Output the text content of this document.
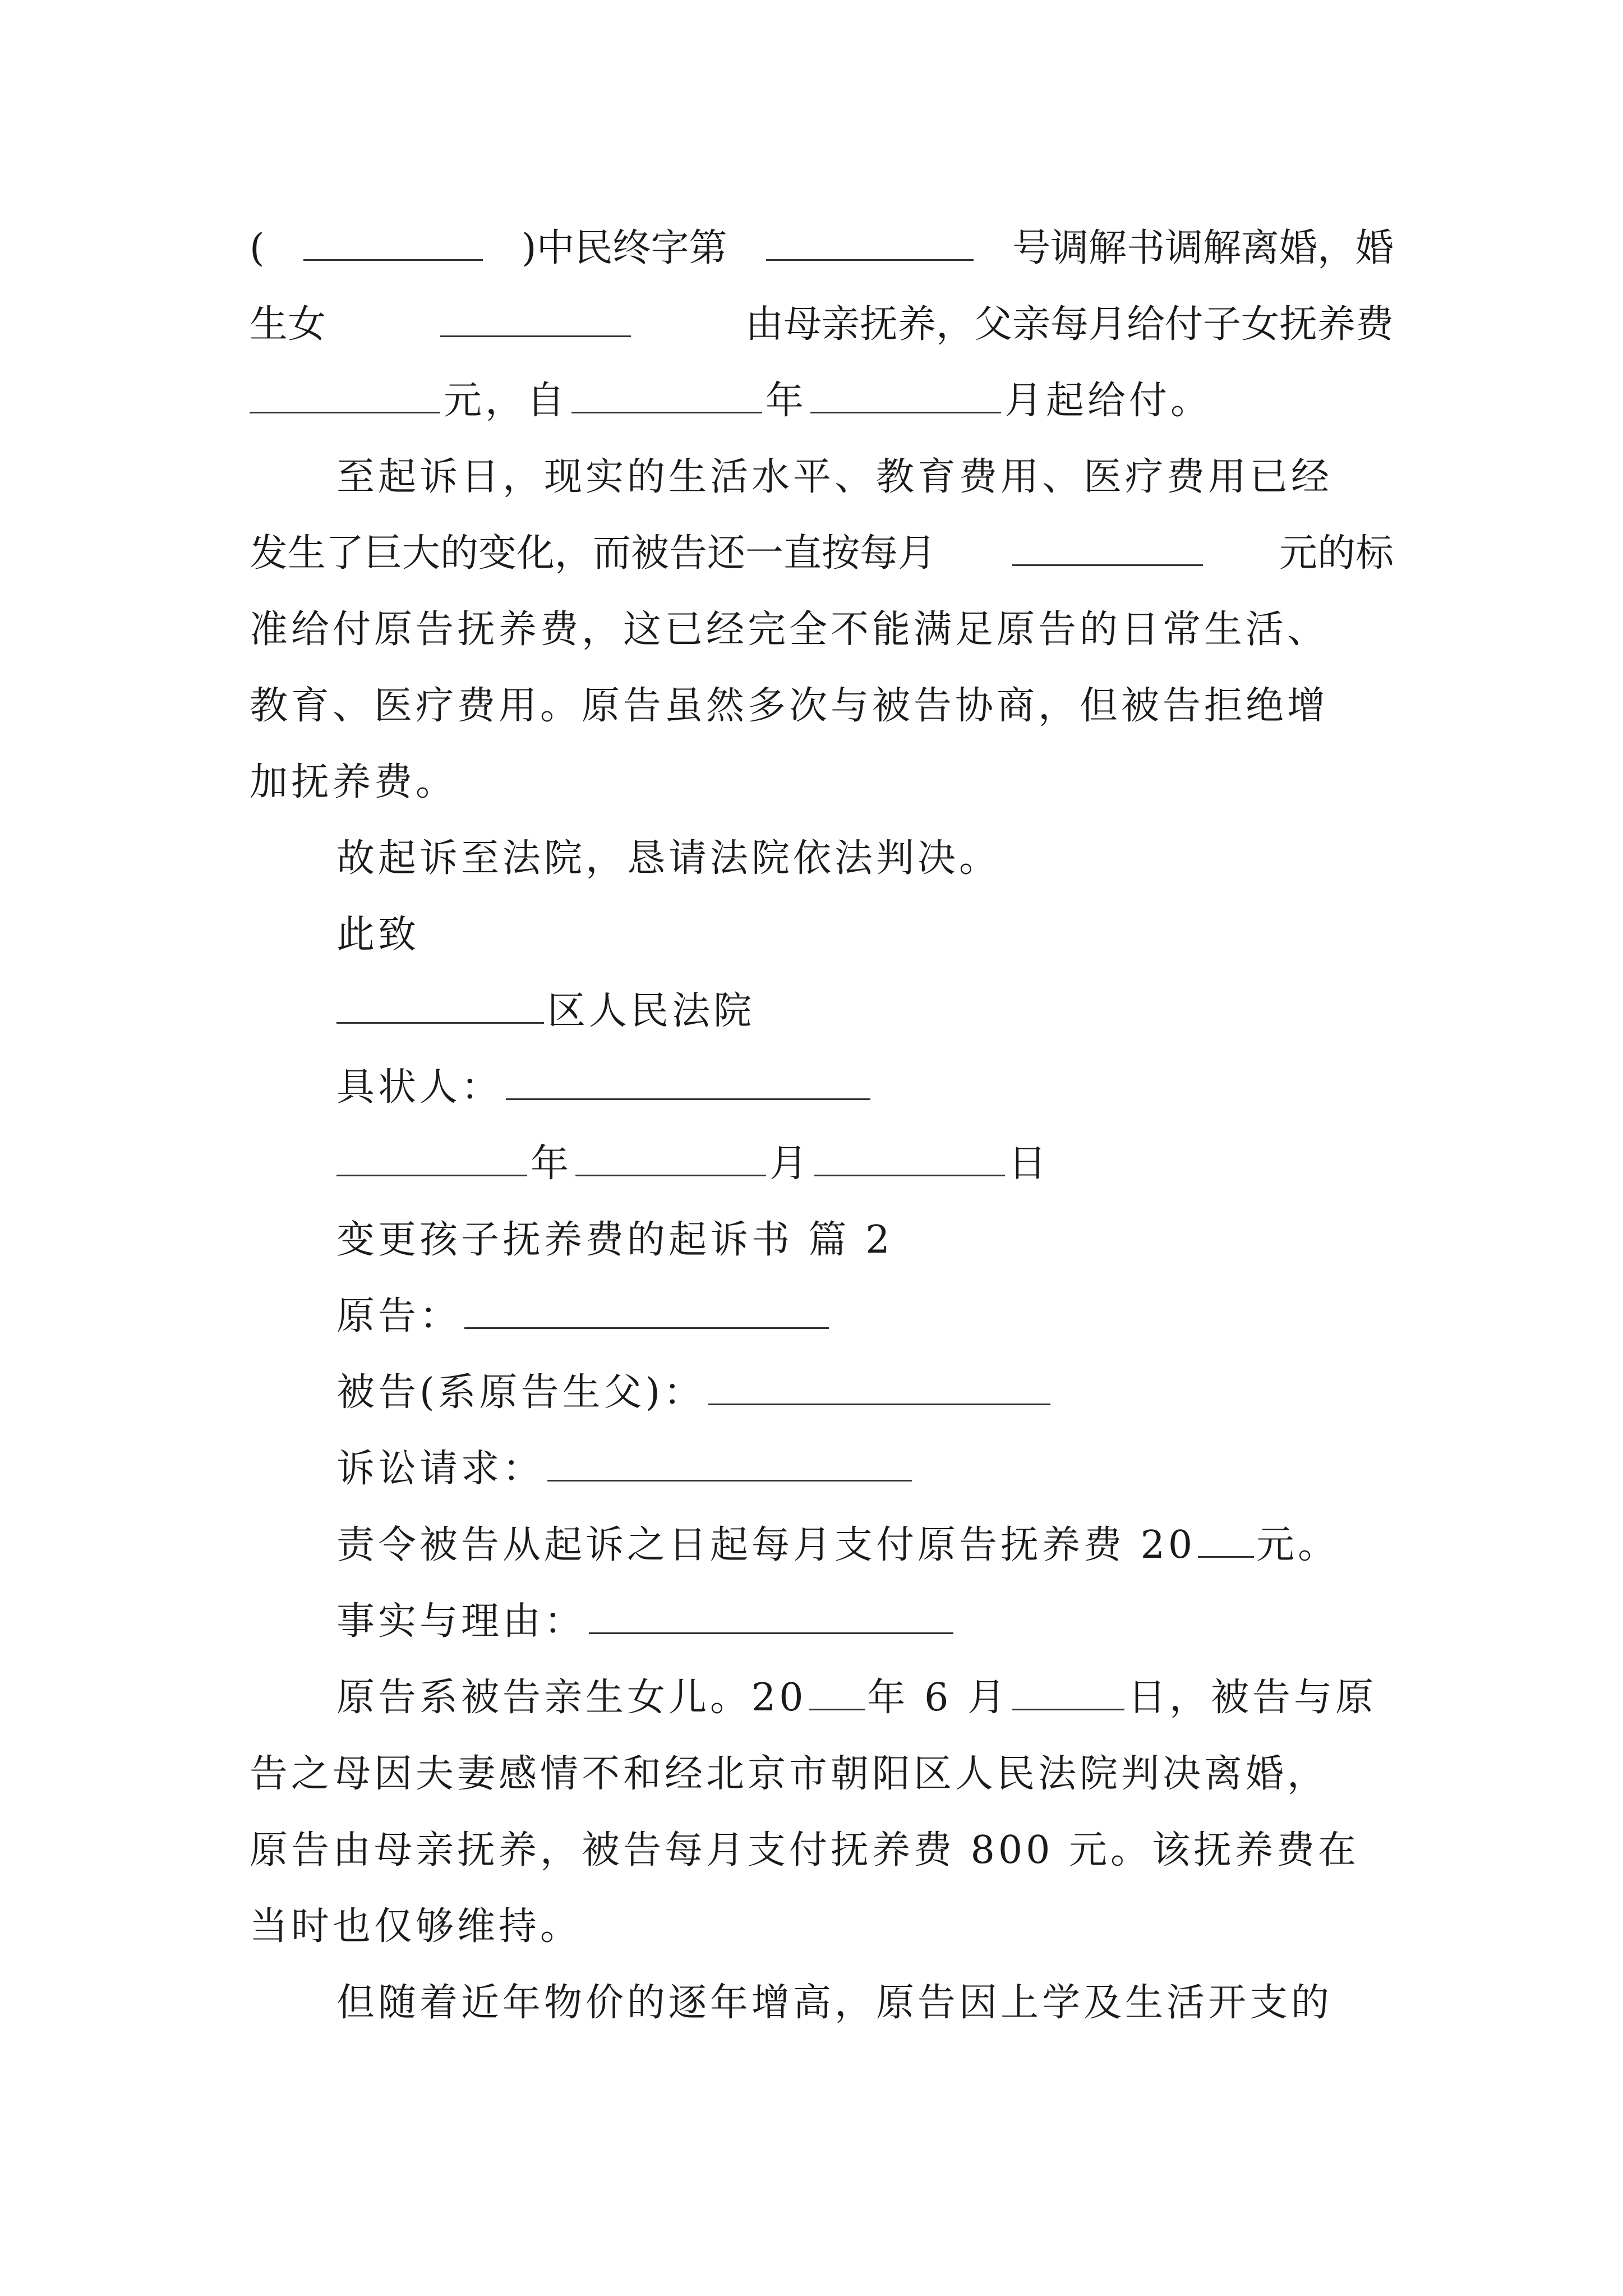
(	)中民终字第	号调解书调解离婚，婚
生女	由母亲抚养，父亲每月给付子女抚养费
元，自	年	月起给付。
至起诉日，现实的生活水平、教育费用、医疗费用已经
发生了巨大的变化，而被告还一直按每月	元的标
准给付原告抚养费，这已经完全不能满足原告的日常生活、
教育、医疗费用。原告虽然多次与被告协商，但被告拒绝增
加抚养费。
故起诉至法院，恳请法院依法判决。
此致
区人民法院
具状人：
年	月	日
变更孩子抚养费的起诉书 篇 2
原告：
被告(系原告生父)：
诉讼请求：
责令被告从起诉之日起每月支付原告抚养费 20 元。
事实与理由：
原告系被告亲生女儿。20 年 6 月	日，被告与原
告之母因夫妻感情不和经北京市朝阳区人民法院判决离婚，
原告由母亲抚养，被告每月支付抚养费 800 元。该抚养费在
当时也仅够维持。
但随着近年物价的逐年增高，原告因上学及生活开支的
